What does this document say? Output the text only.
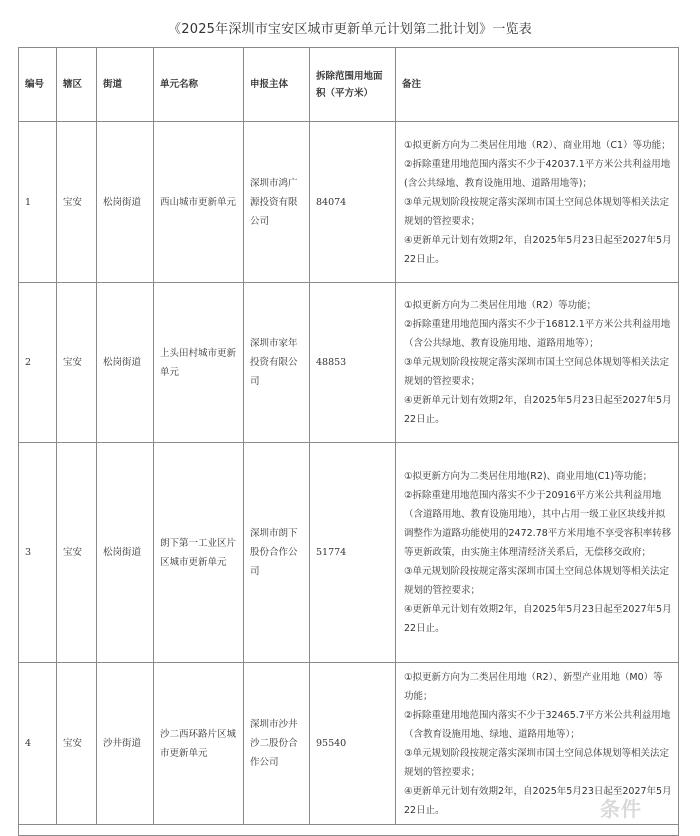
《2025年深圳市宝安区城市更新单元计划第二批计划》一览表
编号	辖区	街道	单元名称	申报主体	拆除范围用地面积（平方米）	备注
1	宝安	松岗街道	西山城市更新单元	深圳市鸿广源投资有限公司	84074	①拟更新方向为二类居住用地（R2）、商业用地（C1）等功能；
②拆除重建用地范围内落实不少于42037.1平方米公共利益用地(含公共绿地、教育设施用地、道路用地等)；
③单元规划阶段按规定落实深圳市国土空间总体规划等相关法定规划的管控要求；
④更新单元计划有效期2年，自2025年5月23日起至2027年5月22日止。

2	宝安	松岗街道	上头田村城市更新单元	深圳市家年投资有限公司	48853	①拟更新方向为二类居住用地（R2）等功能；
②拆除重建用地范围内落实不少于16812.1平方米公共利益用地（含公共绿地、教育设施用地、道路用地等）；
③单元规划阶段按规定落实深圳市国土空间总体规划等相关法定规划的管控要求；
④更新单元计划有效期2年，自2025年5月23日起至2027年5月22日止。

3	宝安	松岗街道	朗下第一工业区片区城市更新单元	深圳市朗下股份合作公司	51774	①拟更新方向为二类居住用地(R2)、商业用地(C1)等功能；
②拆除重建用地范围内落实不少于20916平方米公共利益用地（含道路用地、教育设施用地），其中占用一级工业区块线并拟调整作为道路功能使用的2472.78平方米用地不享受容积率转移等更新政策，由实施主体理清经济关系后，无偿移交政府；
③单元规划阶段按规定落实深圳市国土空间总体规划等相关法定规划的管控要求；
④更新单元计划有效期2年，自2025年5月23日起至2027年5月22日止。

4	宝安	沙井街道	沙二西环路片区城市更新单元	深圳市沙井沙二股份合作公司	95540	①拟更新方向为二类居住用地（R2）、新型产业用地（M0）等功能；
②拆除重建用地范围内落实不少于32465.7平方米公共利益用地（含教育设施用地、绿地、道路用地等）；
③单元规划阶段按规定落实深圳市国土空间总体规划等相关法定规划的管控要求；
④更新单元计划有效期2年，自2025年5月23日起至2027年5月22日止。	条件
